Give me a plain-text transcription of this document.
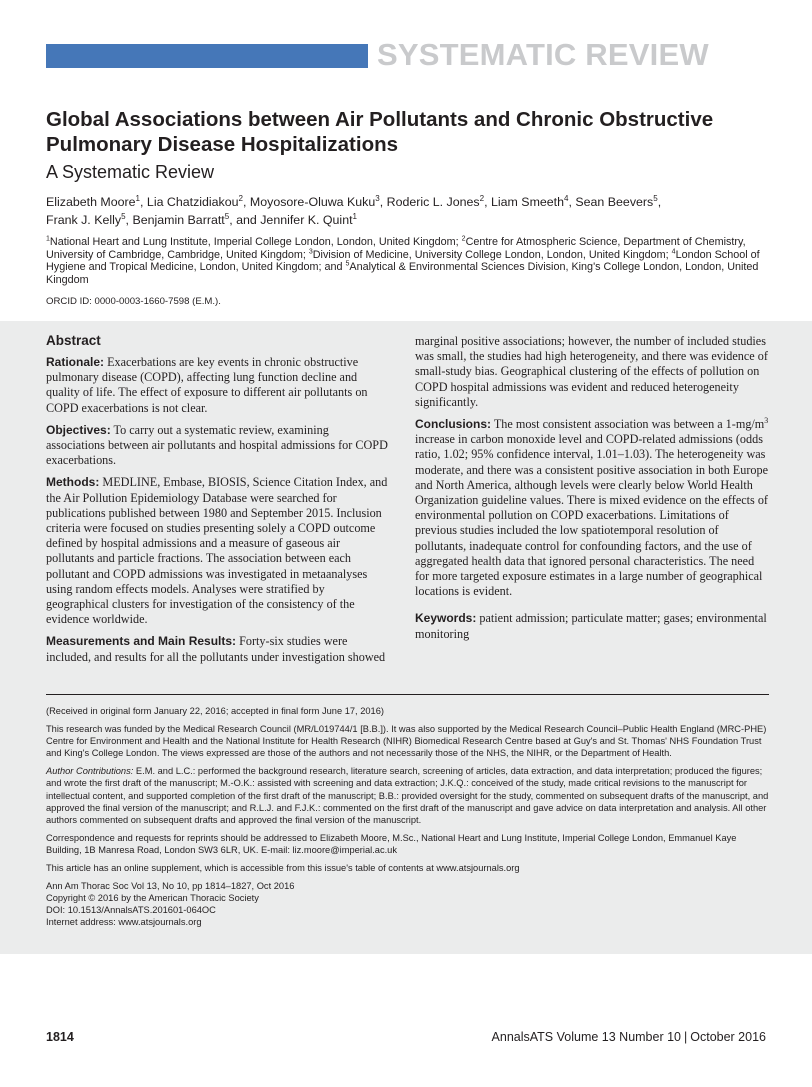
SYSTEMATIC REVIEW
Global Associations between Air Pollutants and Chronic Obstructive Pulmonary Disease Hospitalizations
A Systematic Review
Elizabeth Moore$^1$, Lia Chatzidiakou$^2$, Moyosore-Oluwa Kuku$^3$, Roderic L. Jones$^2$, Liam Smeeth$^4$, Sean Beevers$^5$,
Frank J. Kelly$^5$, Benjamin Barratt$^5$, and Jennifer K. Quint$^1$
$^1$National Heart and Lung Institute, Imperial College London, London, United Kingdom; $^2$Centre for Atmospheric Science, Department of Chemistry, University of Cambridge, Cambridge, United Kingdom; $^3$Division of Medicine, University College London, London, United Kingdom; $^4$London School of Hygiene and Tropical Medicine, London, United Kingdom; and $^5$Analytical & Environmental Sciences Division, King's College London, London, United Kingdom
ORCID ID: 0000-0003-1660-7598 (E.M.).
Abstract

Rationale: Exacerbations are key events in chronic obstructive pulmonary disease (COPD), affecting lung function decline and quality of life. The effect of exposure to different air pollutants on COPD exacerbations is not clear.

Objectives: To carry out a systematic review, examining associations between air pollutants and hospital admissions for COPD exacerbations.

Methods: MEDLINE, Embase, BIOSIS, Science Citation Index, and the Air Pollution Epidemiology Database were searched for publications published between 1980 and September 2015. Inclusion criteria were focused on studies presenting solely a COPD outcome defined by hospital admissions and a measure of gaseous air pollutants and particle fractions. The association between each pollutant and COPD admissions was investigated in metaanalyses using random effects models. Analyses were stratified by geographical clusters for investigation of the consistency of the evidence worldwide.

Measurements and Main Results: Forty-six studies were included, and results for all the pollutants under investigation showed

marginal positive associations; however, the number of included studies was small, the studies had high heterogeneity, and there was evidence of small-study bias. Geographical clustering of the effects of pollution on COPD hospital admissions was evident and reduced heterogeneity significantly.

Conclusions: The most consistent association was between a $1-mg/m^3$ increase in carbon monoxide level and COPD-related admissions (odds ratio, 1.02; 95% confidence interval, 1.01–1.03). The heterogeneity was moderate, and there was a consistent positive association in both Europe and North America, although levels were clearly below World Health Organization guideline values. There is mixed evidence on the effects of environmental pollution on COPD exacerbations. Limitations of previous studies included the low spatiotemporal resolution of pollutants, inadequate control for confounding factors, and the use of aggregated health data that ignored personal characteristics. The need for more targeted exposure estimates in a large number of geographical locations is evident.

Keywords: patient admission; particulate matter; gases; environmental monitoring

(Received in original form January 22, 2016; accepted in final form June 17, 2016)

This research was funded by the Medical Research Council (MR/L019744/1 [B.B.]). It was also supported by the Medical Research Council–Public Health England (MRC-PHE) Centre for Environment and Health and the National Institute for Health Research (NIHR) Biomedical Research Centre based at Guy's and St. Thomas' NHS Foundation Trust and King's College London. The views expressed are those of the authors and not necessarily those of the NHS, the NIHR, or the Department of Health.

Author Contributions: E.M. and L.C.: performed the background research, literature search, screening of articles, data extraction, and data interpretation; produced the figures; and wrote the first draft of the manuscript; M.-O.K.: assisted with screening and data extraction; J.K.Q.: conceived of the study, made critical revisions to the manuscript for intellectual content, and supported completion of the first draft of the manuscript; B.B.: provided oversight for the study, commented on subsequent drafts of the manuscript, and approved the final version of the manuscript; and R.L.J. and F.J.K.: commented on the first draft of the manuscript and gave advice on data interpretation and analysis. All other authors commented on subsequent drafts and approved the final version of the manuscript.

Correspondence and requests for reprints should be addressed to Elizabeth Moore, M.Sc., National Heart and Lung Institute, Imperial College London, Emmanuel Kaye Building, 1B Manresa Road, London SW3 6LR, UK. E-mail: liz.moore@imperial.ac.uk

This article has an online supplement, which is accessible from this issue's table of contents at www.atsjournals.org

Ann Am Thorac Soc Vol 13, No 10, pp 1814–1827, Oct 2016
Copyright © 2016 by the American Thoracic Society
DOI: 10.1513/AnnalsATS.201601-064OC
Internet address: www.atsjournals.org

1814	AnnalsATS Volume 13 Number 10 | October 2016
